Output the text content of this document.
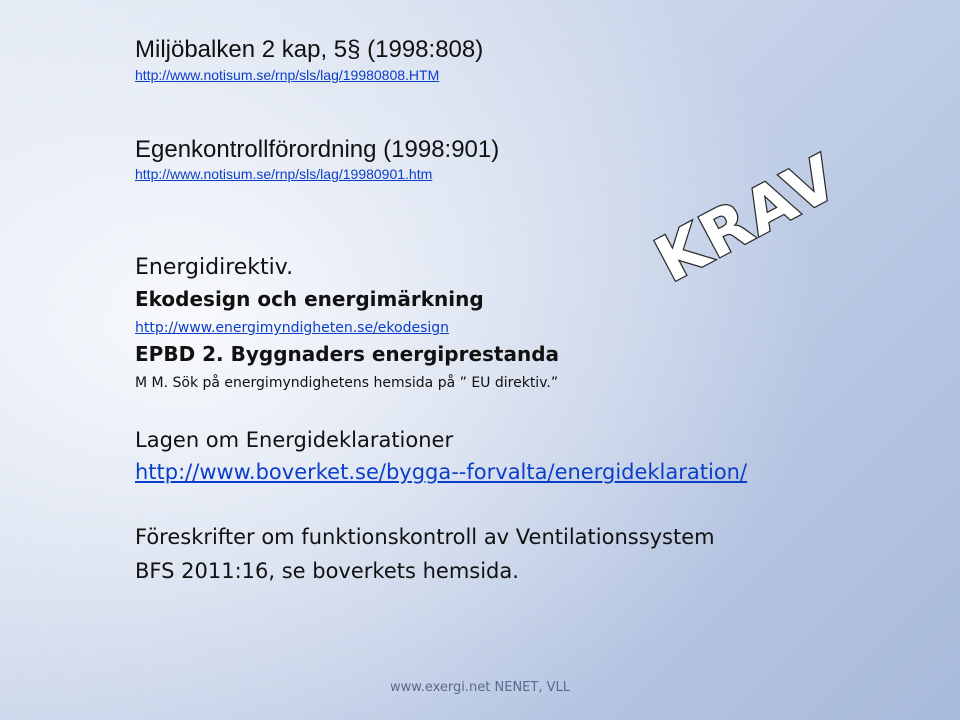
Miljöbalken 2 kap, 5§ (1998:808)
http://www.notisum.se/rnp/sls/lag/19980808.HTM
Egenkontrollförordning (1998:901)
http://www.notisum.se/rnp/sls/lag/19980901.htm
Energidirektiv.
Ekodesign och energimärkning
http://www.energimyndigheten.se/ekodesign
EPBD 2. Byggnaders energiprestanda
M M. Sök på energimyndighetens hemsida på ” EU direktiv.”
Lagen om Energideklarationer
http://www.boverket.se/bygga--forvalta/energideklaration/
Föreskrifter om funktionskontroll av Ventilationssystem
BFS 2011:16, se boverkets hemsida.
KRAV
www.exergi.net NENET, VLL
